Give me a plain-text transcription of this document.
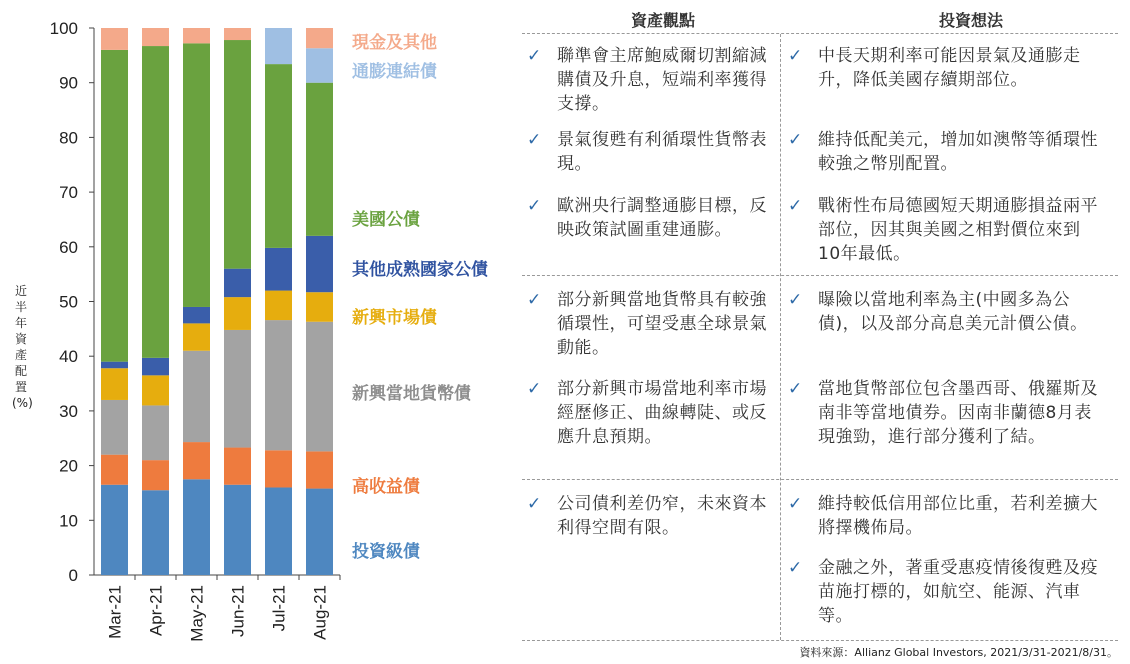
0
10
20
30
40
50
60
70
80
90
100
Mar-21 Apr-21 May-21 Jun-21 Jul-21 Aug-21
近
半
年
資
產
配
置
(%)
現金及其他
通膨連結債
美國公債
其他成熟國家公債
新興市場債
新興當地貨幣債
高收益債
投資級債
資產觀點	投資想法
✓ 聯準會主席鮑威爾切割縮減購債及升息，短端利率獲得支撐。
✓ 景氣復甦有利循環性貨幣表現。
✓ 歐洲央行調整通膨目標，反映政策試圖重建通膨。
✓ 中長天期利率可能因景氣及通膨走升，降低美國存續期部位。
✓ 維持低配美元，增加如澳幣等循環性較強之幣別配置。
✓ 戰術性布局德國短天期通膨損益兩平部位，因其與美國之相對價位來到10年最低。
✓ 部分新興當地貨幣具有較強循環性，可望受惠全球景氣動能。
✓ 部分新興市場當地利率市場經歷修正、曲線轉陡、或反應升息預期。
✓ 曝險以當地利率為主(中國多為公債)，以及部分高息美元計價公債。
✓ 當地貨幣部位包含墨西哥、俄羅斯及南非等當地債券。因南非蘭德8月表現強勁，進行部分獲利了結。
✓ 公司債利差仍窄，未來資本利得空間有限。
✓ 維持較低信用部位比重，若利差擴大將擇機佈局。
✓ 金融之外，著重受惠疫情後復甦及疫苗施打標的，如航空、能源、汽車等。
資料來源：Allianz Global Investors, 2021/3/31-2021/8/31。
